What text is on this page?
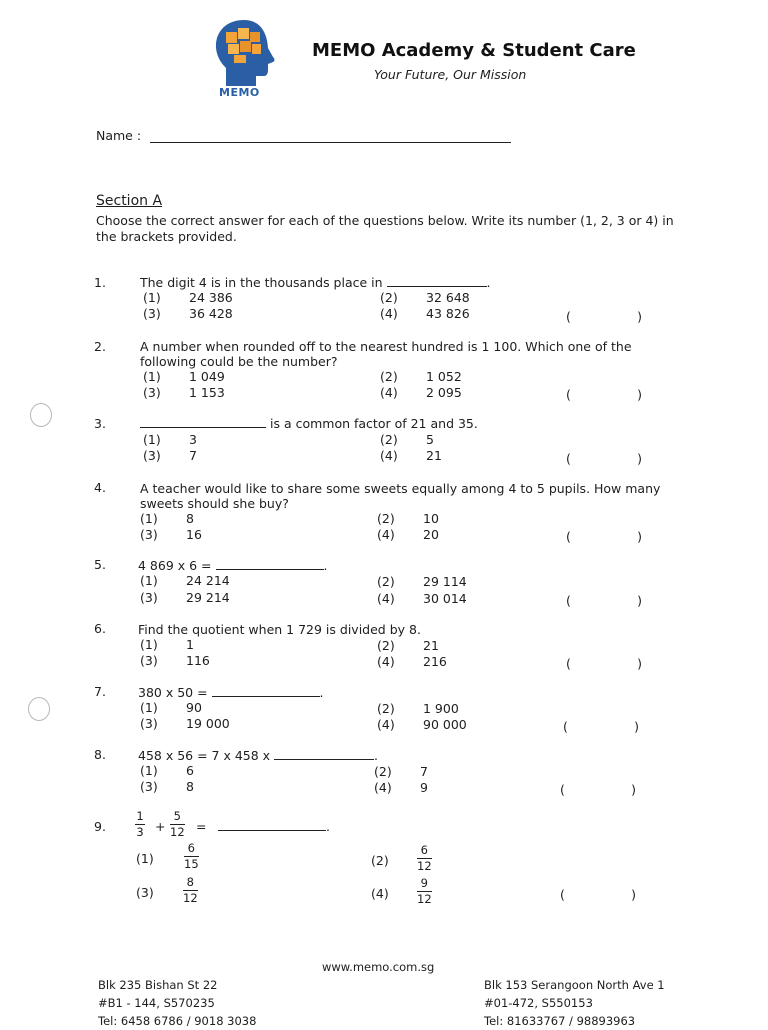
MEMO
MEMO Academy & Student Care
Your Future, Our Mission
Name :
Section A
Choose the correct answer for each of the questions below. Write its number (1, 2, 3 or 4) in the brackets provided.
1.	The digit 4 is in the thousands place in	.
(1) 24 386	(2) 32 648
(3) 36 428	(4) 43 826	(	)
2.	A number when rounded off to the nearest hundred is 1 100. Which one of the following could be the number?
(1) 1 049	(2) 1 052
(3) 1 153	(4) 2 095	(	)
3.	is a common factor of 21 and 35.
(1) 3	(2) 5
(3) 7	(4) 21	(	)
4.	A teacher would like to share some sweets equally among 4 to 5 pupils. How many sweets should she buy?
(1) 8	(2) 10
(3) 16	(4) 20	(	)
5.	4 869 x 6 =	.
(1) 24 214	(2) 29 114
(3) 29 214	(4) 30 014	(	)
6.	Find the quotient when 1 729 is divided by 8.
(1) 1	(2) 21
(3) 116	(4) 216	(	)
7.	380 x 50 =	.
(1) 90	(2) 1 900
(3) 19 000	(4) 90 000	(	)
8.	458 x 56 = 7 x 458 x	.
(1) 6	(2) 7
(3) 8	(4) 9	(	)
9.
1
3 +
5
12 =	.
(1)
6
15	(2)
6
12
(3)
8
12	(4)
9
12	(	)
www.memo.com.sg
Blk 235 Bishan St 22
#B1 - 144, S570235
Tel: 6458 6786 / 9018 3038
Blk 153 Serangoon North Ave 1
#01-472, S550153
Tel: 81633767 / 98893963
